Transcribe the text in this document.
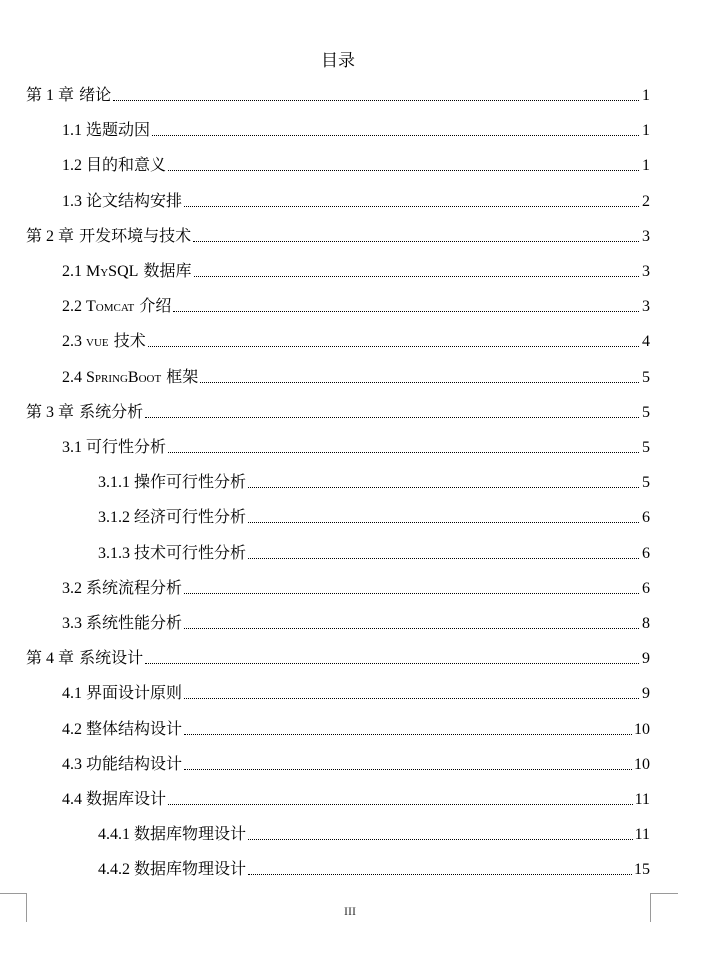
目录
第 1 章 绪论	1
1.1 选题动因	1
1.2 目的和意义	1
1.3 论文结构安排	2
第 2 章 开发环境与技术	3
2.1 MySQL 数据库	3
2.2 Tomcat 介绍	3
2.3 vue 技术	4
2.4 SpringBoot 框架	5
第 3 章 系统分析	5
3.1 可行性分析	5
3.1.1 操作可行性分析	5
3.1.2 经济可行性分析	6
3.1.3 技术可行性分析	6
3.2 系统流程分析	6
3.3 系统性能分析	8
第 4 章 系统设计	9
4.1 界面设计原则	9
4.2 整体结构设计	10
4.3 功能结构设计	10
4.4 数据库设计	11
4.4.1 数据库物理设计	11
4.4.2 数据库物理设计	15
III
